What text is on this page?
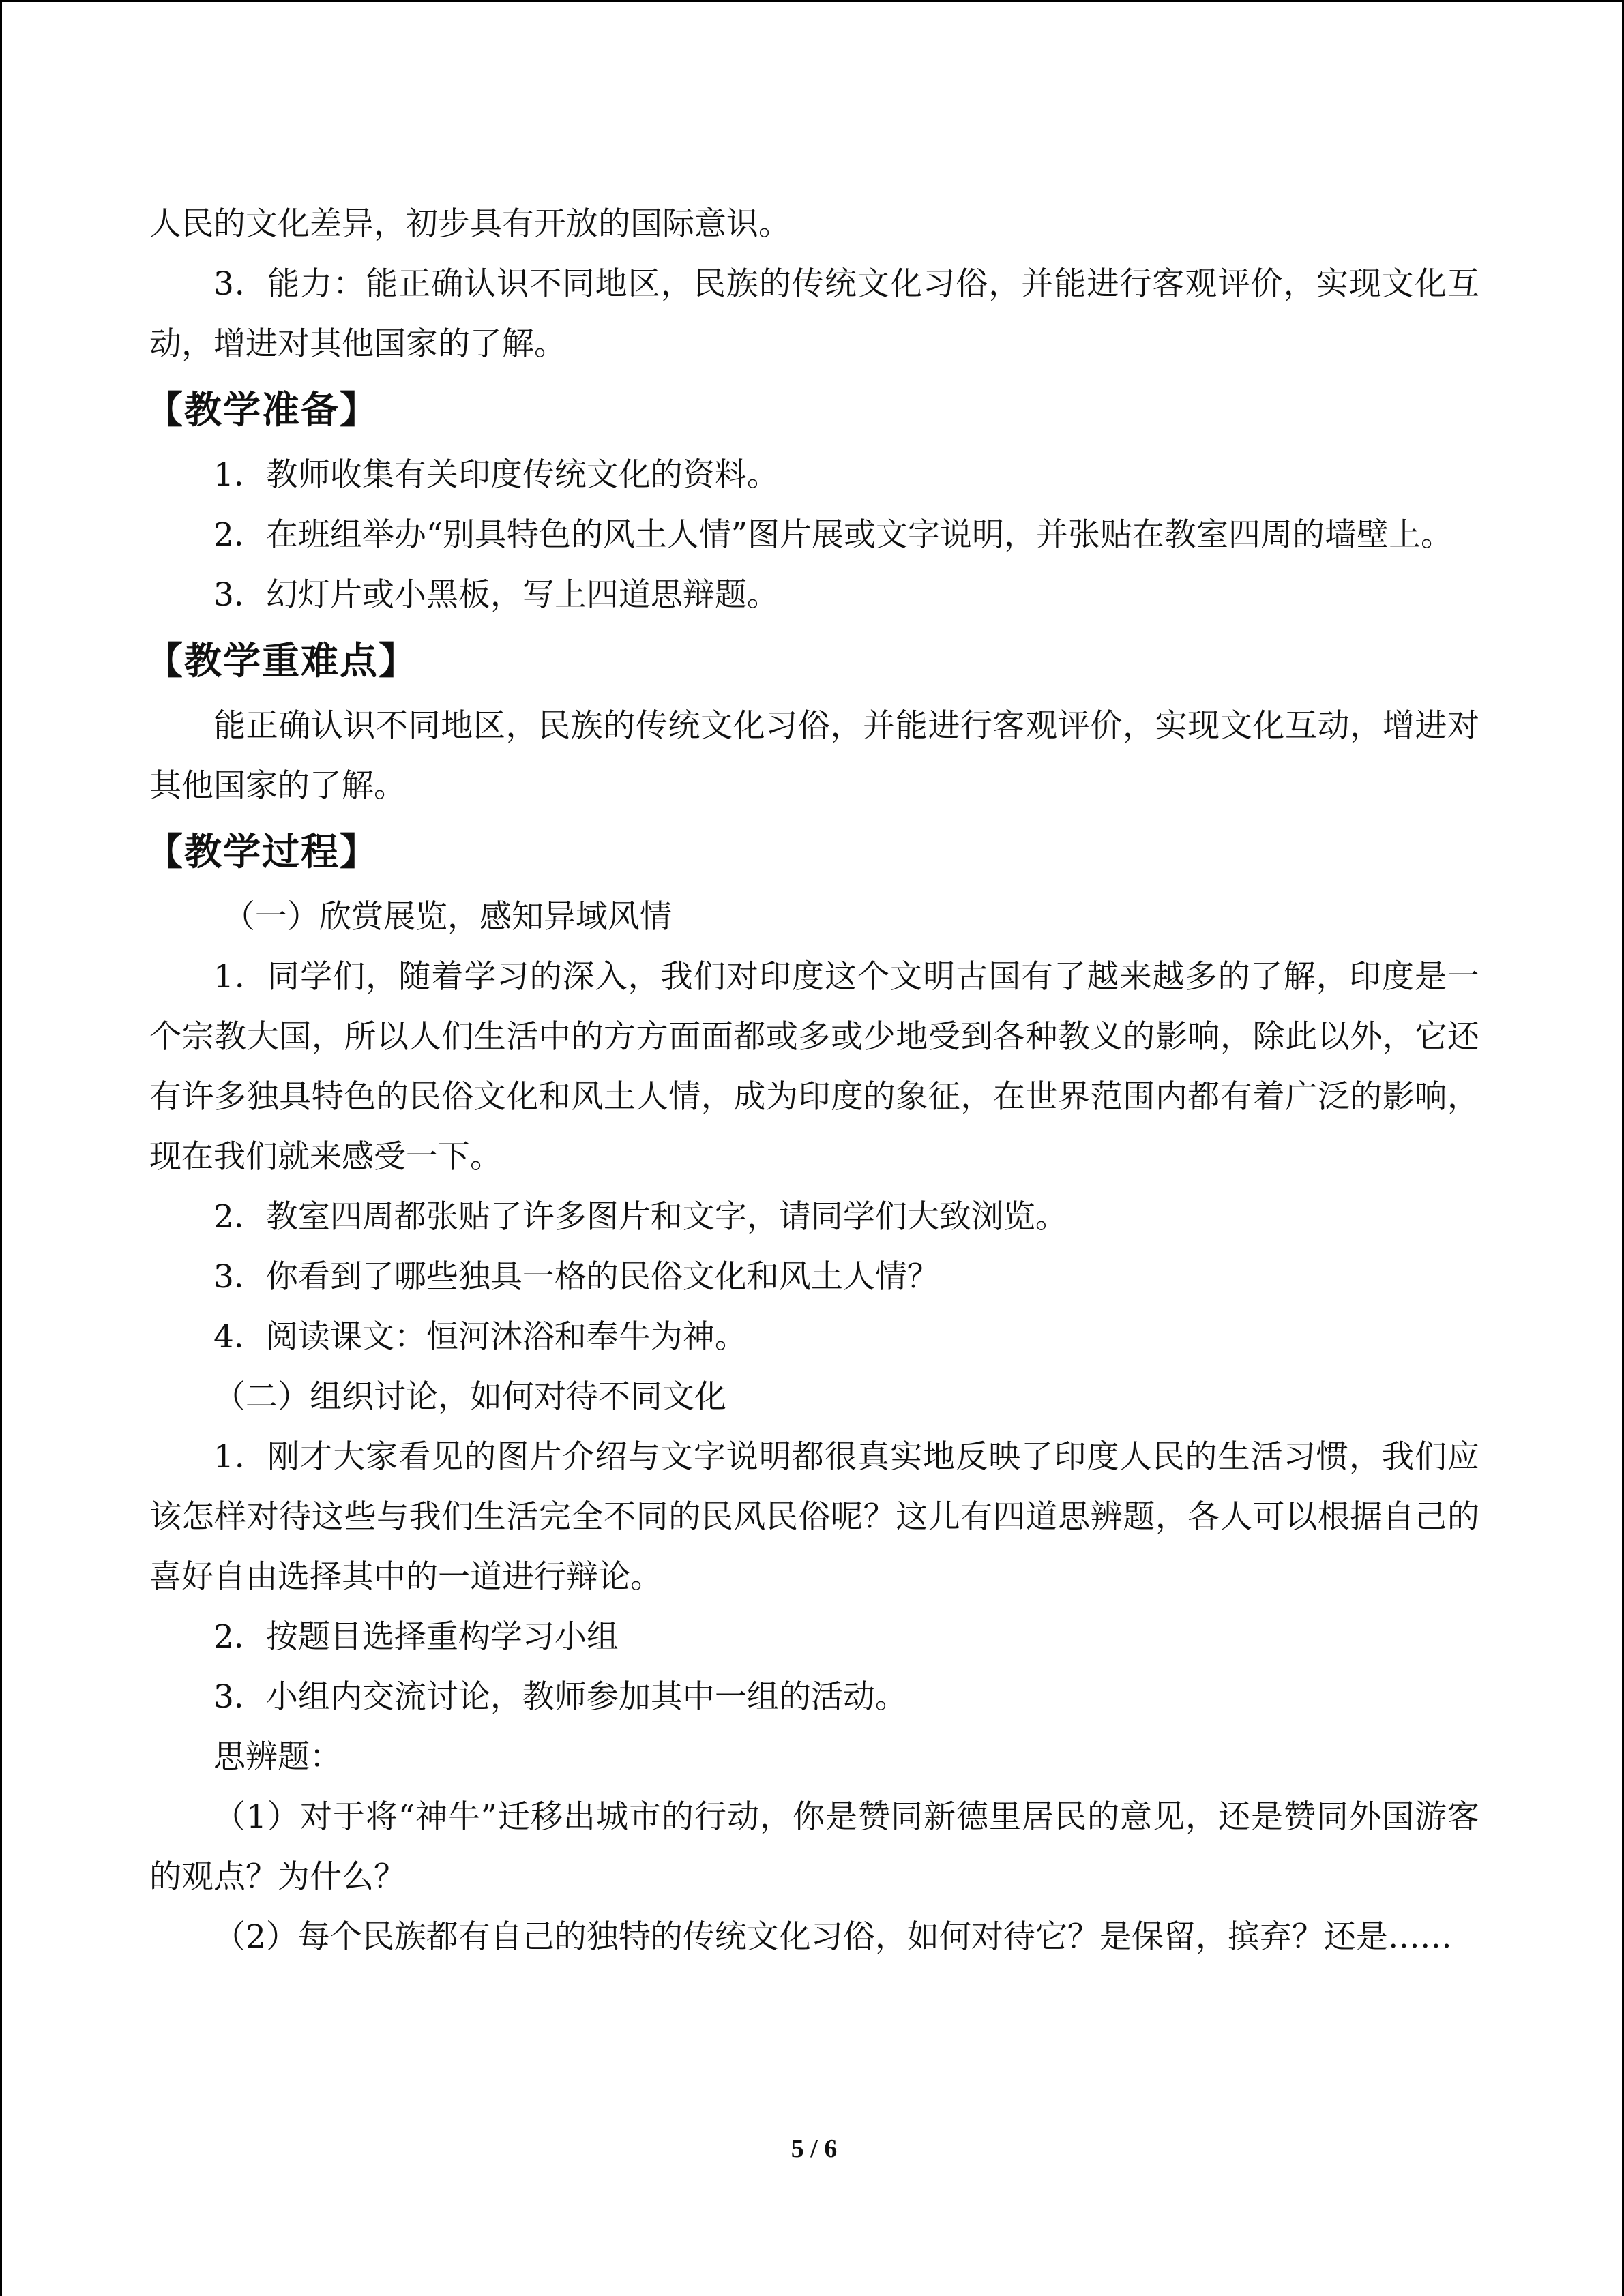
人民的文化差异，初步具有开放的国际意识。

3．能力：能正确认识不同地区，民族的传统文化习俗，并能进行客观评价，实现文化互动，增进对其他国家的了解。

【教学准备】

1．教师收集有关印度传统文化的资料。

2．在班组举办“别具特色的风土人情”图片展或文字说明，并张贴在教室四周的墙壁上。

3．幻灯片或小黑板，写上四道思辩题。

【教学重难点】

能正确认识不同地区，民族的传统文化习俗，并能进行客观评价，实现文化互动，增进对其他国家的了解。

【教学过程】

（一）欣赏展览，感知异域风情

1．同学们，随着学习的深入，我们对印度这个文明古国有了越来越多的了解，印度是一个宗教大国，所以人们生活中的方方面面都或多或少地受到各种教义的影响，除此以外，它还有许多独具特色的民俗文化和风土人情，成为印度的象征，在世界范围内都有着广泛的影响，现在我们就来感受一下。

2．教室四周都张贴了许多图片和文字，请同学们大致浏览。

3．你看到了哪些独具一格的民俗文化和风土人情？

4．阅读课文：恒河沐浴和奉牛为神。

（二）组织讨论，如何对待不同文化

1．刚才大家看见的图片介绍与文字说明都很真实地反映了印度人民的生活习惯，我们应该怎样对待这些与我们生活完全不同的民风民俗呢？这儿有四道思辨题，各人可以根据自己的喜好自由选择其中的一道进行辩论。

2．按题目选择重构学习小组

3．小组内交流讨论，教师参加其中一组的活动。

思辨题：

（1）对于将“神牛”迁移出城市的行动，你是赞同新德里居民的意见，还是赞同外国游客的观点？为什么？

（2）每个民族都有自己的独特的传统文化习俗，如何对待它？是保留，摈弃？还是……

5 / 6
